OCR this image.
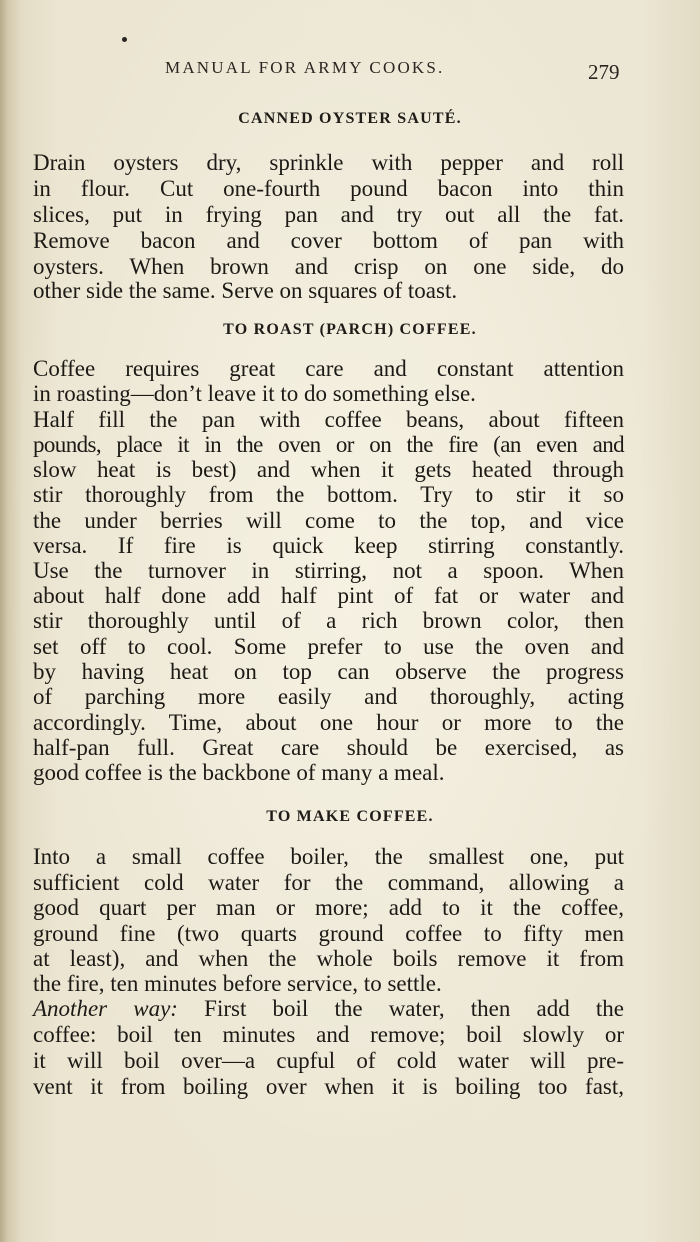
MANUAL FOR ARMY COOKS.	279
CANNED OYSTER SAUTÉ.
Drain oysters dry, sprinkle with pepper and roll
in flour. Cut one-fourth pound bacon into thin
slices, put in frying pan and try out all the fat.
Remove bacon and cover bottom of pan with
oysters. When brown and crisp on one side, do
other side the same. Serve on squares of toast.
TO ROAST (PARCH) COFFEE.
Coffee requires great care and constant attention
in roasting—don’t leave it to do something else.
Half fill the pan with coffee beans, about fifteen
pounds, place it in the oven or on the fire (an even and
slow heat is best) and when it gets heated through
stir thoroughly from the bottom. Try to stir it so
the under berries will come to the top, and vice
versa. If fire is quick keep stirring constantly.
Use the turnover in stirring, not a spoon. When
about half done add half pint of fat or water and
stir thoroughly until of a rich brown color, then
set off to cool. Some prefer to use the oven and
by having heat on top can observe the progress
of parching more easily and thoroughly, acting
accordingly. Time, about one hour or more to the
half-pan full. Great care should be exercised, as
good coffee is the backbone of many a meal.
TO MAKE COFFEE.
Into a small coffee boiler, the smallest one, put
sufficient cold water for the command, allowing a
good quart per man or more; add to it the coffee,
ground fine (two quarts ground coffee to fifty men
at least), and when the whole boils remove it from
the fire, ten minutes before service, to settle.
Another way: First boil the water, then add the
coffee: boil ten minutes and remove; boil slowly or
it will boil over—a cupful of cold water will pre-
vent it from boiling over when it is boiling too fast,
